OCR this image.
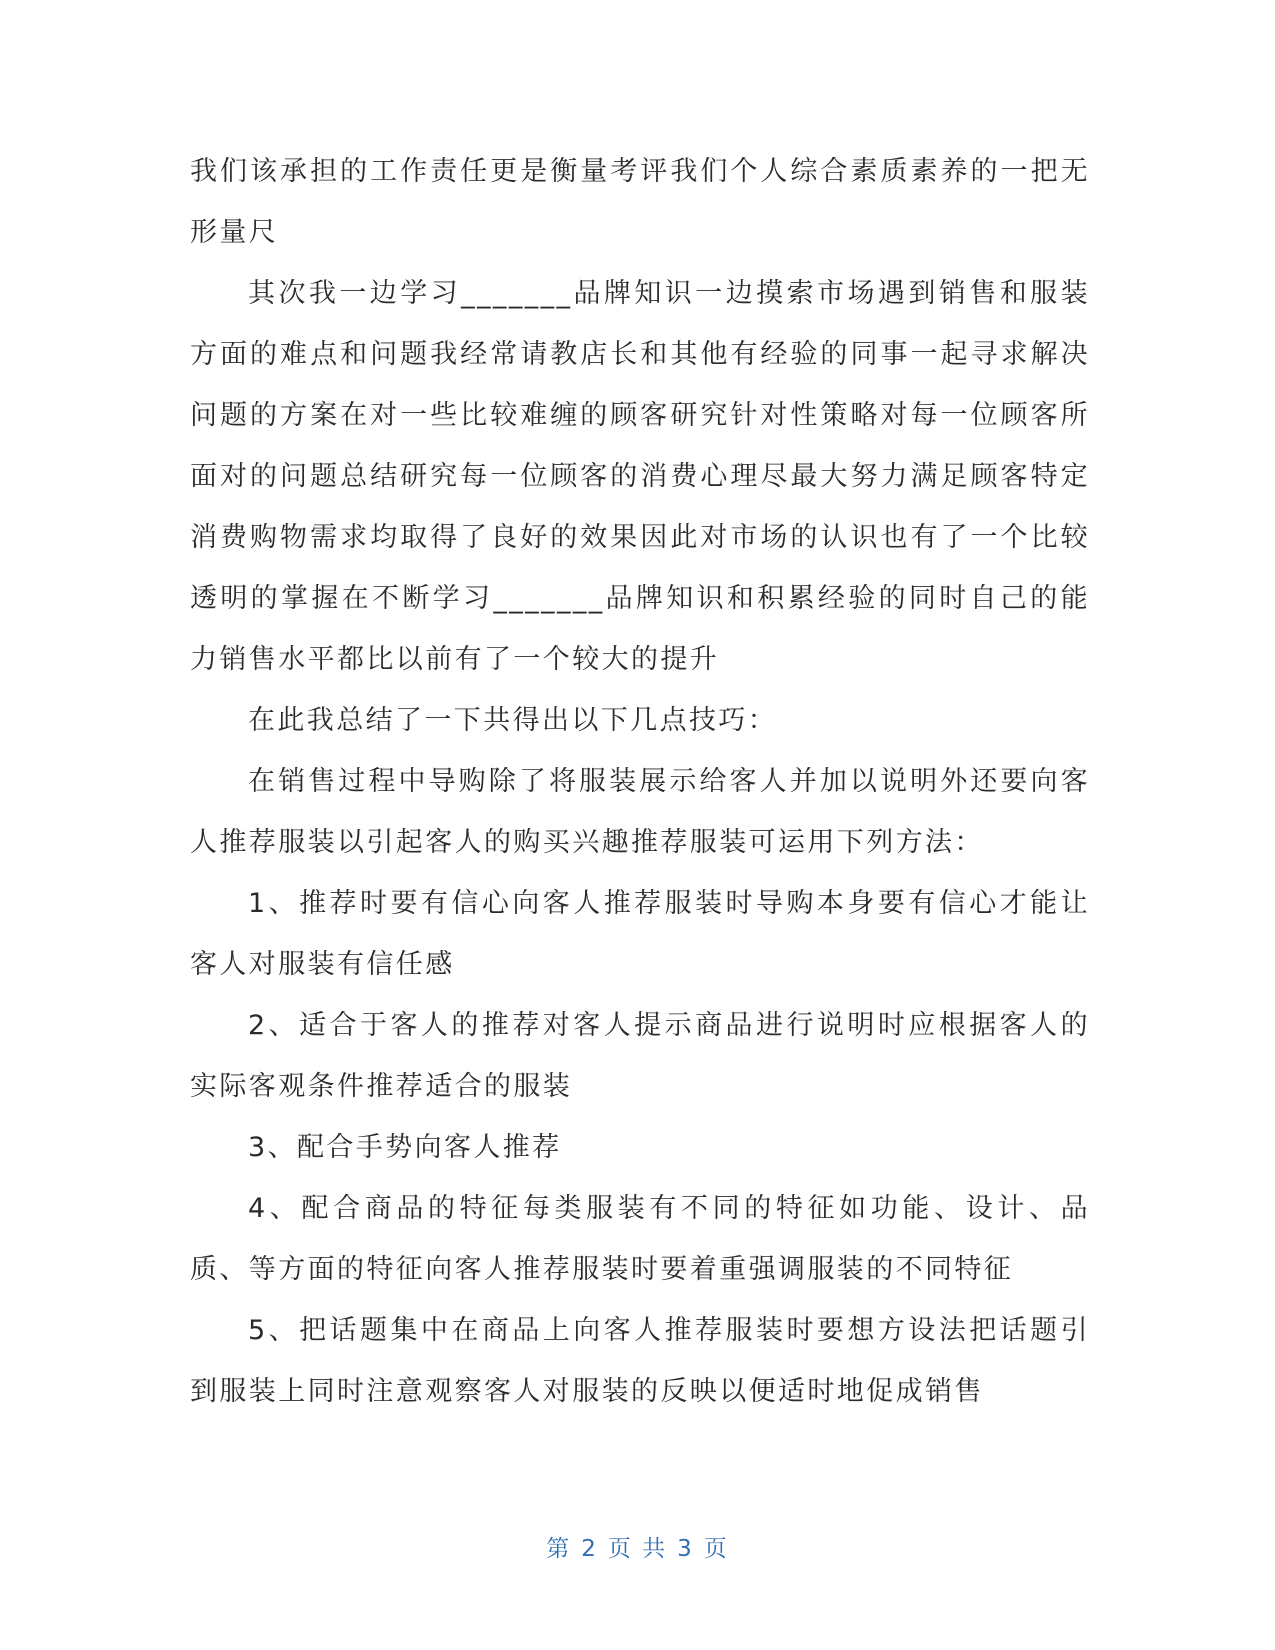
我们该承担的工作责任更是衡量考评我们个人综合素质素养的一把无形量尺

其次我一边学习_______品牌知识一边摸索市场遇到销售和服装方面的难点和问题我经常请教店长和其他有经验的同事一起寻求解决问题的方案在对一些比较难缠的顾客研究针对性策略对每一位顾客所面对的问题总结研究每一位顾客的消费心理尽最大努力满足顾客特定消费购物需求均取得了良好的效果因此对市场的认识也有了一个比较透明的掌握在不断学习_______品牌知识和积累经验的同时自己的能力销售水平都比以前有了一个较大的提升

在此我总结了一下共得出以下几点技巧：

在销售过程中导购除了将服装展示给客人并加以说明外还要向客人推荐服装以引起客人的购买兴趣推荐服装可运用下列方法：

1、推荐时要有信心向客人推荐服装时导购本身要有信心才能让客人对服装有信任感

2、适合于客人的推荐对客人提示商品进行说明时应根据客人的实际客观条件推荐适合的服装

3、配合手势向客人推荐

4、配合商品的特征每类服装有不同的特征如功能、设计、品质、等方面的特征向客人推荐服装时要着重强调服装的不同特征

5、把话题集中在商品上向客人推荐服装时要想方设法把话题引到服装上同时注意观察客人对服装的反映以便适时地促成销售

第 2 页 共 3 页
